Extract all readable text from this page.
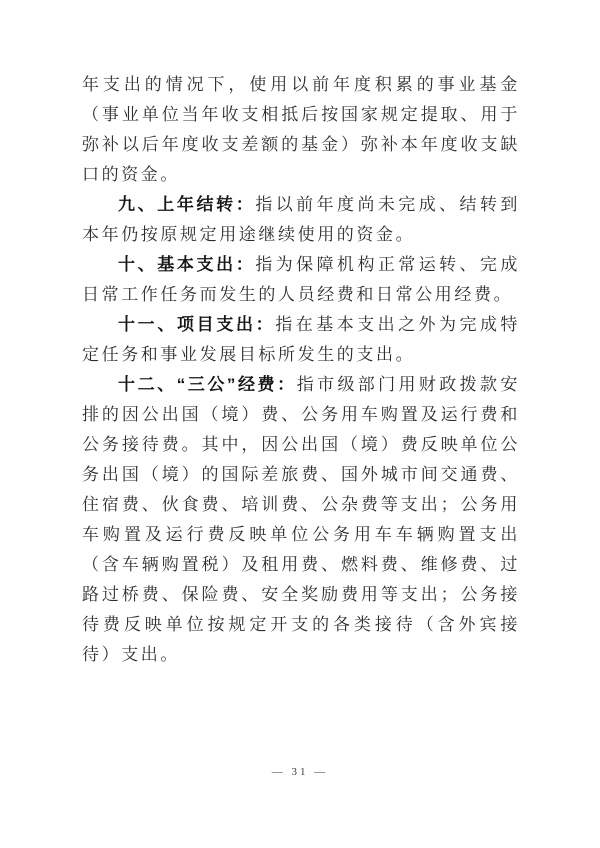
年支出的情况下，使用以前年度积累的事业基金（事业单位当年收支相抵后按国家规定提取、用于弥补以后年度收支差额的基金）弥补本年度收支缺口的资金。

九、上年结转：指以前年度尚未完成、结转到本年仍按原规定用途继续使用的资金。

十、基本支出：指为保障机构正常运转、完成日常工作任务而发生的人员经费和日常公用经费。

十一、项目支出：指在基本支出之外为完成特定任务和事业发展目标所发生的支出。

十二、“三公”经费：指市级部门用财政拨款安排的因公出国（境）费、公务用车购置及运行费和公务接待费。其中，因公出国（境）费反映单位公务出国（境）的国际差旅费、国外城市间交通费、住宿费、伙食费、培训费、公杂费等支出；公务用车购置及运行费反映单位公务用车车辆购置支出（含车辆购置税）及租用费、燃料费、维修费、过路过桥费、保险费、安全奖励费用等支出；公务接待费反映单位按规定开支的各类接待（含外宾接待）支出。

— 31 —
